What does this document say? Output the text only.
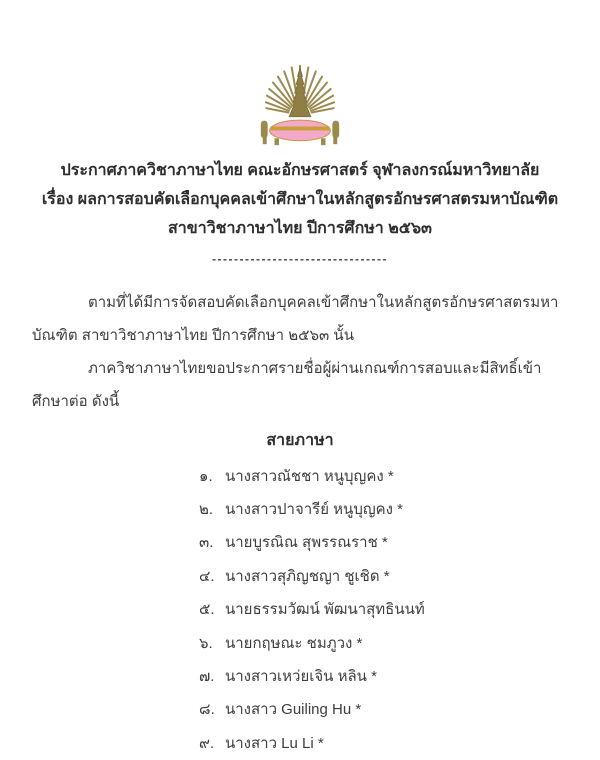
ประกาศภาควิชาภาษาไทย คณะอักษรศาสตร์ จุฬาลงกรณ์มหาวิทยาลัย
เรื่อง ผลการสอบคัดเลือกบุคคลเข้าศึกษาในหลักสูตรอักษรศาสตรมหาบัณฑิต
สาขาวิชาภาษาไทย ปีการศึกษา ๒๕๖๓
--------------------------------

ตามที่ได้มีการจัดสอบคัดเลือกบุคคลเข้าศึกษาในหลักสูตรอักษรศาสตรมหาบัณฑิต สาขาวิชาภาษาไทย ปีการศึกษา ๒๕๖๓ นั้น

ภาควิชาภาษาไทยขอประกาศรายชื่อผู้ผ่านเกณฑ์การสอบและมีสิทธิ์เข้าศึกษาต่อ ดังนี้

สายภาษา
๑. นางสาวณัชชา หนูบุญคง *
๒. นางสาวปาจารีย์ หนูบุญคง *
๓. นายบูรณิณ สุพรรณราช *
๔. นางสาวสุภิญชญา ชูเชิด *
๕. นายธรรมวัฒน์ พัฒนาสุทธินนท์
๖. นายกฤษณะ ชมภูวง *
๗. นางสาวเหว่ยเจิน หลิน *
๘. นางสาว Guiling Hu *
๙. นางสาว Lu Li *
